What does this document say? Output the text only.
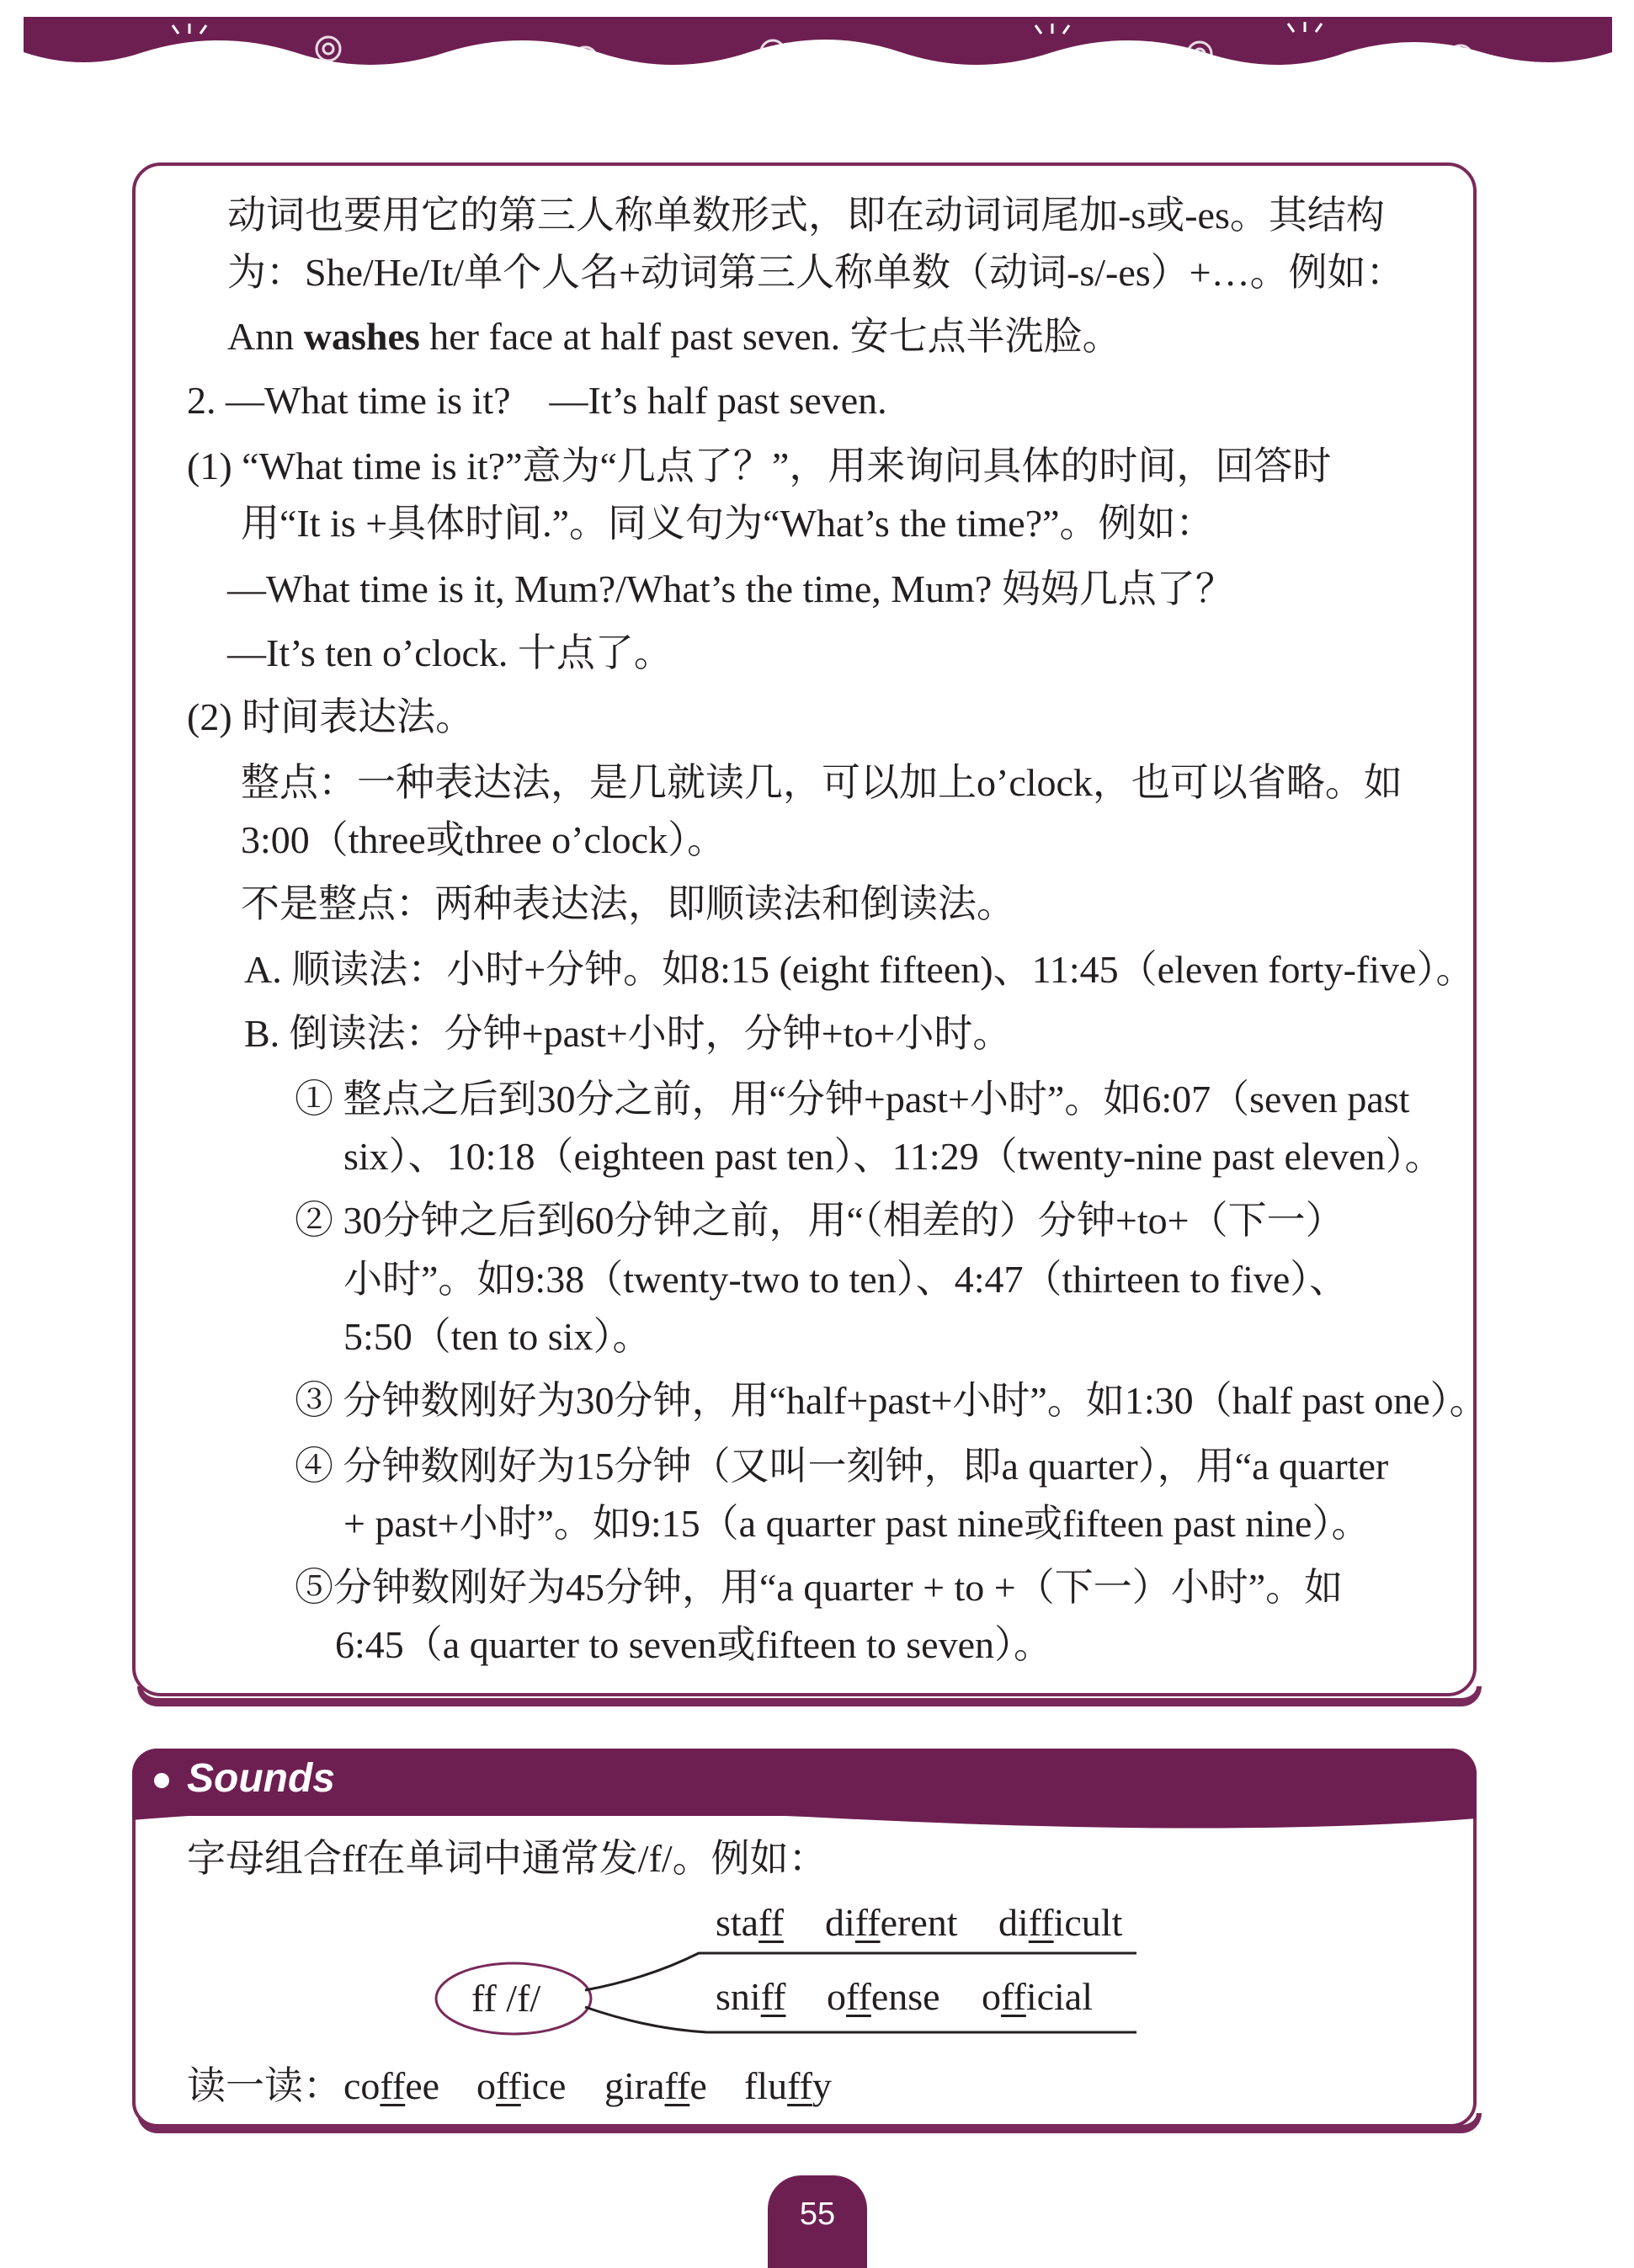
动词也要用它的第三人称单数形式，即在动词词尾加-s或-es。其结构
为：She/He/It/单个人名+动词第三人称单数（动词-s/-es）+…。例如：
Ann washes her face at half past seven. 安七点半洗脸。
2. —What time is it?　—It’s half past seven.
(1) “What time is it?”意为“几点了？”，用来询问具体的时间，回答时
用“It is +具体时间.”。同义句为“What’s the time?”。例如：
—What time is it, Mum?/What’s the time, Mum? 妈妈几点了？
—It’s ten o’clock. 十点了。
(2) 时间表达法。
整点：一种表达法，是几就读几，可以加上o’clock，也可以省略。如
3:00（three或three o’clock）。
不是整点：两种表达法，即顺读法和倒读法。
A. 顺读法：小时+分钟。如8:15 (eight fifteen)、11:45（eleven forty-five）。
B. 倒读法：分钟+past+小时，分钟+to+小时。
① 整点之后到30分之前，用“分钟+past+小时”。如6:07（seven past
six）、10:18（eighteen past ten）、11:29（twenty-nine past eleven）。
② 30分钟之后到60分钟之前，用“（相差的）分钟+to+（下一）
小时”。如9:38（twenty-two to ten）、4:47（thirteen to five）、
5:50（ten to six）。
③ 分钟数刚好为30分钟，用“half+past+小时”。如1:30（half past one）。
④ 分钟数刚好为15分钟（又叫一刻钟，即a quarter），用“a quarter
+ past+小时”。如9:15（a quarter past nine或fifteen past nine）。
⑤分钟数刚好为45分钟，用“a quarter + to +（下一）小时”。如
6:45（a quarter to seven或fifteen to seven）。
Sounds
字母组合ff在单词中通常发/f/。例如：
ff /f/
staff different difficult
sniff offense official
读一读： coffee office giraffe fluffy
55
